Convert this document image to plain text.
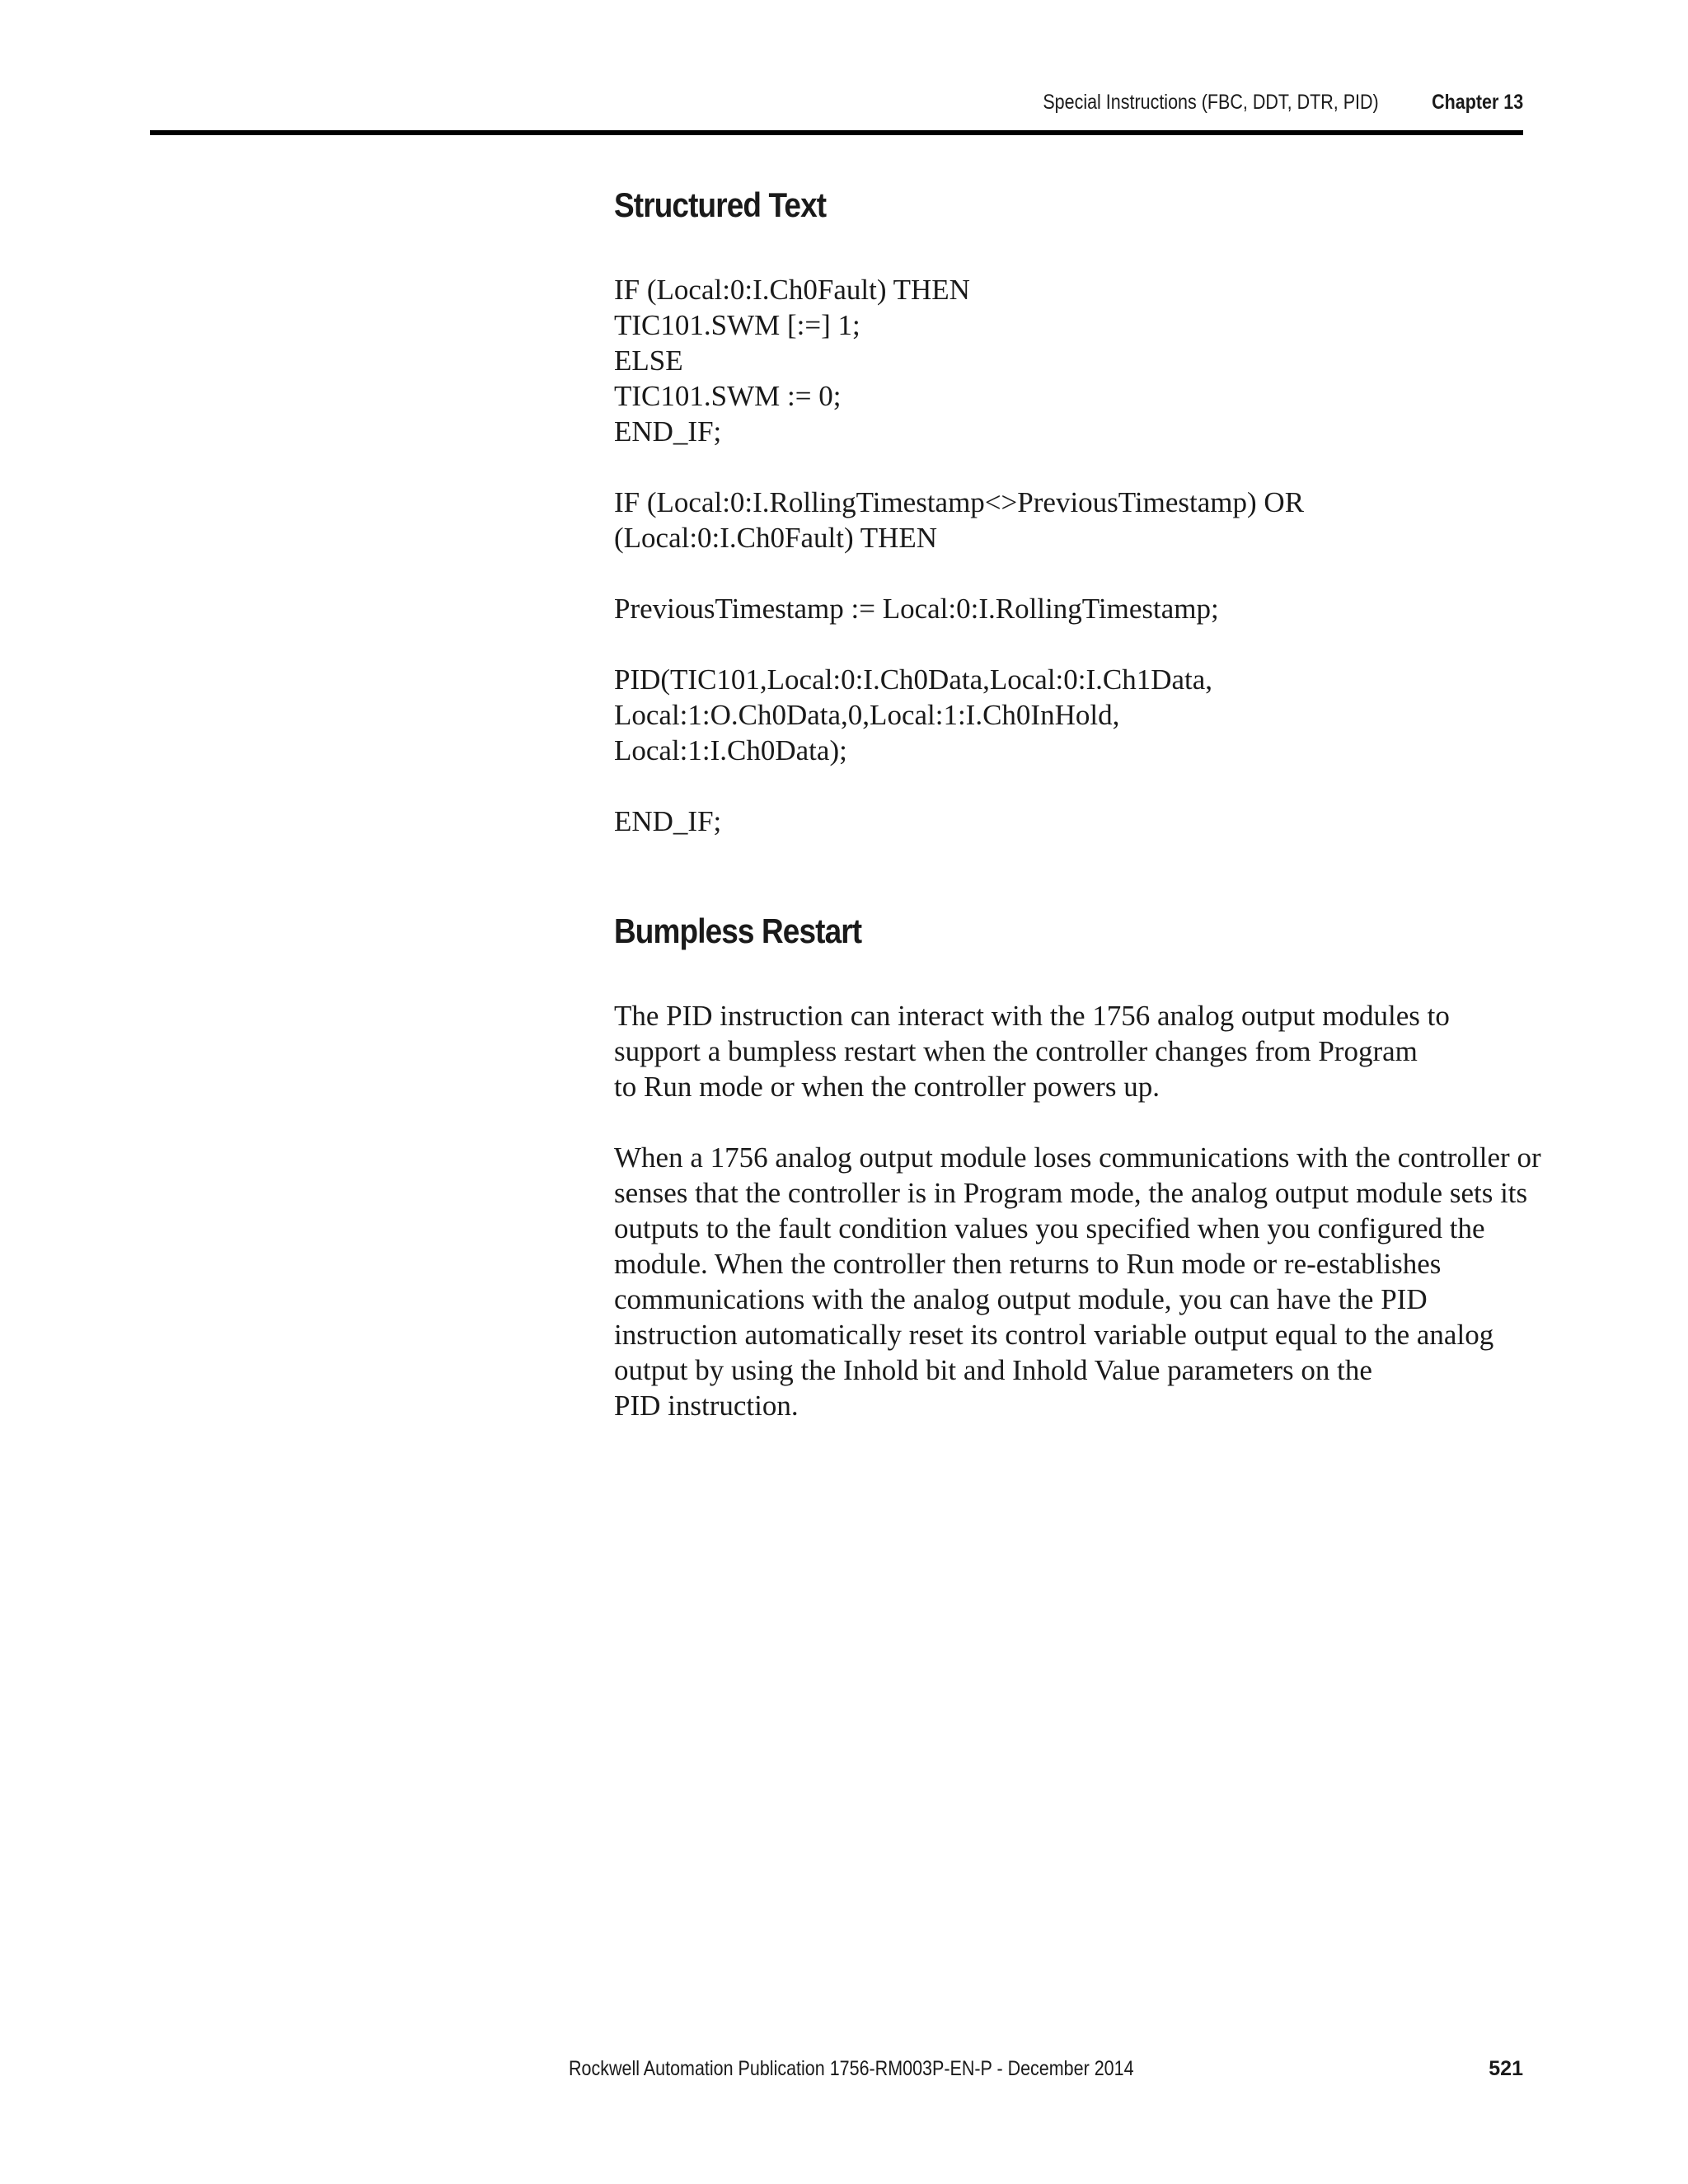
Special Instructions (FBC, DDT, DTR, PID)	Chapter 13
Structured Text
IF (Local:0:I.Ch0Fault) THEN
TIC101.SWM [:=] 1;
ELSE
TIC101.SWM := 0;
END_IF;
IF (Local:0:I.RollingTimestamp<>PreviousTimestamp) OR
(Local:0:I.Ch0Fault) THEN
PreviousTimestamp := Local:0:I.RollingTimestamp;
PID(TIC101,Local:0:I.Ch0Data,Local:0:I.Ch1Data,
Local:1:O.Ch0Data,0,Local:1:I.Ch0InHold,
Local:1:I.Ch0Data);
END_IF;
Bumpless Restart
The PID instruction can interact with the 1756 analog output modules to
support a bumpless restart when the controller changes from Program
to Run mode or when the controller powers up.
When a 1756 analog output module loses communications with the controller or
senses that the controller is in Program mode, the analog output module sets its
outputs to the fault condition values you specified when you configured the
module. When the controller then returns to Run mode or re-establishes
communications with the analog output module, you can have the PID
instruction automatically reset its control variable output equal to the analog
output by using the Inhold bit and Inhold Value parameters on the
PID instruction.
Rockwell Automation Publication 1756-RM003P-EN-P - December 2014	521
